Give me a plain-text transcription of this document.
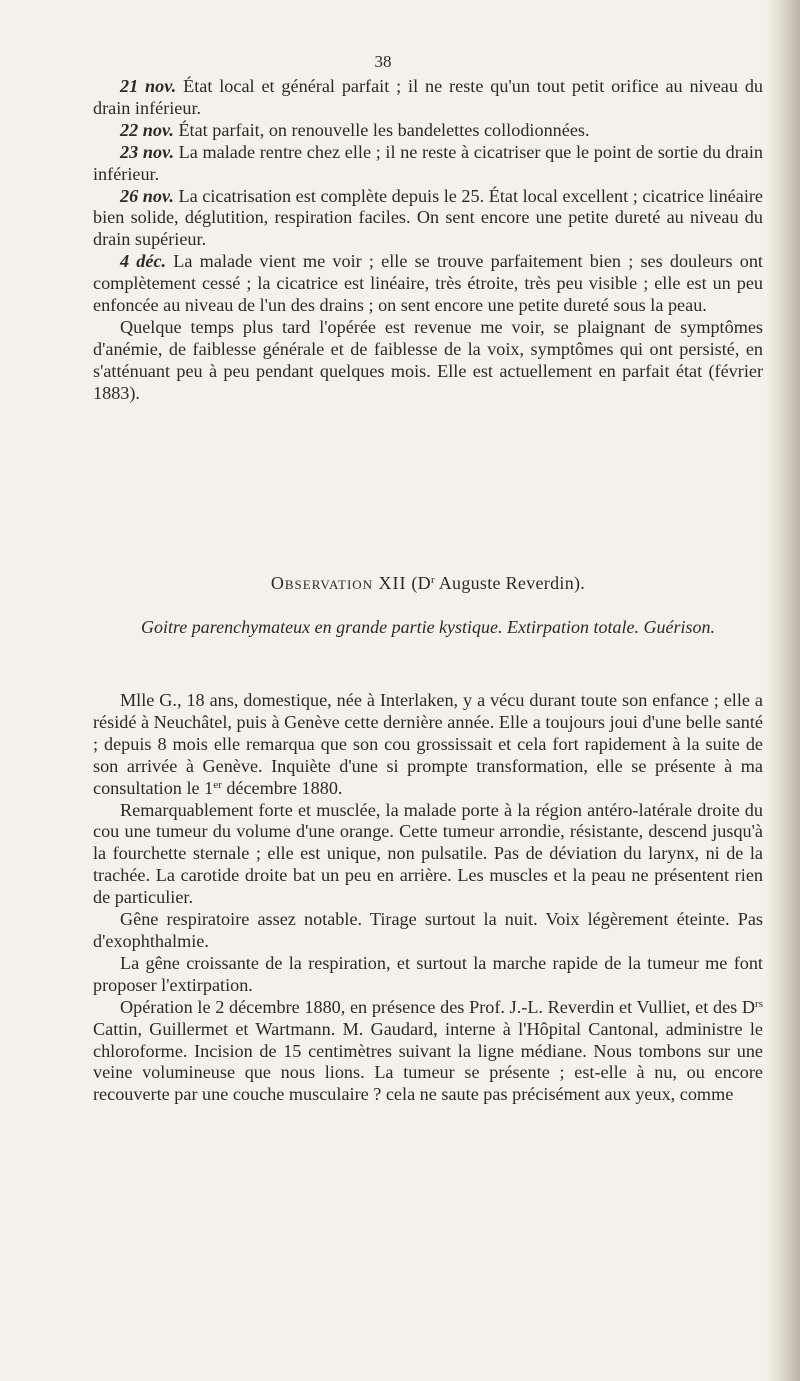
38

21 nov. État local et général parfait ; il ne reste qu'un tout petit orifice au niveau du drain inférieur.

22 nov. État parfait, on renouvelle les bandelettes collodionnées.

23 nov. La malade rentre chez elle ; il ne reste à cicatriser que le point de sortie du drain inférieur.

26 nov. La cicatrisation est complète depuis le 25. État local excellent ; cicatrice linéaire bien solide, déglutition, respiration faciles. On sent encore une petite dureté au niveau du drain supérieur.

4 déc. La malade vient me voir ; elle se trouve parfaitement bien ; ses douleurs ont complètement cessé ; la cicatrice est linéaire, très étroite, très peu visible ; elle est un peu enfoncée au niveau de l'un des drains ; on sent encore une petite dureté sous la peau.

Quelque temps plus tard l'opérée est revenue me voir, se plaignant de symptômes d'anémie, de faiblesse générale et de faiblesse de la voix, symptômes qui ont persisté, en s'atténuant peu à peu pendant quelques mois. Elle est actuellement en parfait état (février 1883).

Observation XII ($D^r$ Auguste Reverdin).
Goitre parenchymateux en grande partie kystique. Extirpation totale. Guérison.

Mlle G., 18 ans, domestique, née à Interlaken, y a vécu durant toute son enfance ; elle a résidé à Neuchâtel, puis à Genève cette dernière année. Elle a toujours joui d'une belle santé ; depuis 8 mois elle remarqua que son cou grossissait et cela fort rapidement à la suite de son arrivée à Genève. Inquiète d'une si prompte transformation, elle se présente à ma consultation le 1er décembre 1880.

Remarquablement forte et musclée, la malade porte à la région antéro-latérale droite du cou une tumeur du volume d'une orange. Cette tumeur arrondie, résistante, descend jusqu'à la fourchette sternale ; elle est unique, non pulsatile. Pas de déviation du larynx, ni de la trachée. La carotide droite bat un peu en arrière. Les muscles et la peau ne présentent rien de particulier.

Gêne respiratoire assez notable. Tirage surtout la nuit. Voix légèrement éteinte. Pas d'exophthalmie.

La gêne croissante de la respiration, et surtout la marche rapide de la tumeur me font proposer l'extirpation.

Opération le 2 décembre 1880, en présence des Prof. J.-L. Reverdin et Vulliet, et des $D^{rs}$ Cattin, Guillermet et Wartmann. M. Gaudard, interne à l'Hôpital Cantonal, administre le chloroforme. Incision de 15 centimètres suivant la ligne médiane. Nous tombons sur une veine volumineuse que nous lions. La tumeur se présente ; est-elle à nu, ou encore recouverte par une couche musculaire ? cela ne saute pas précisément aux yeux, comme
